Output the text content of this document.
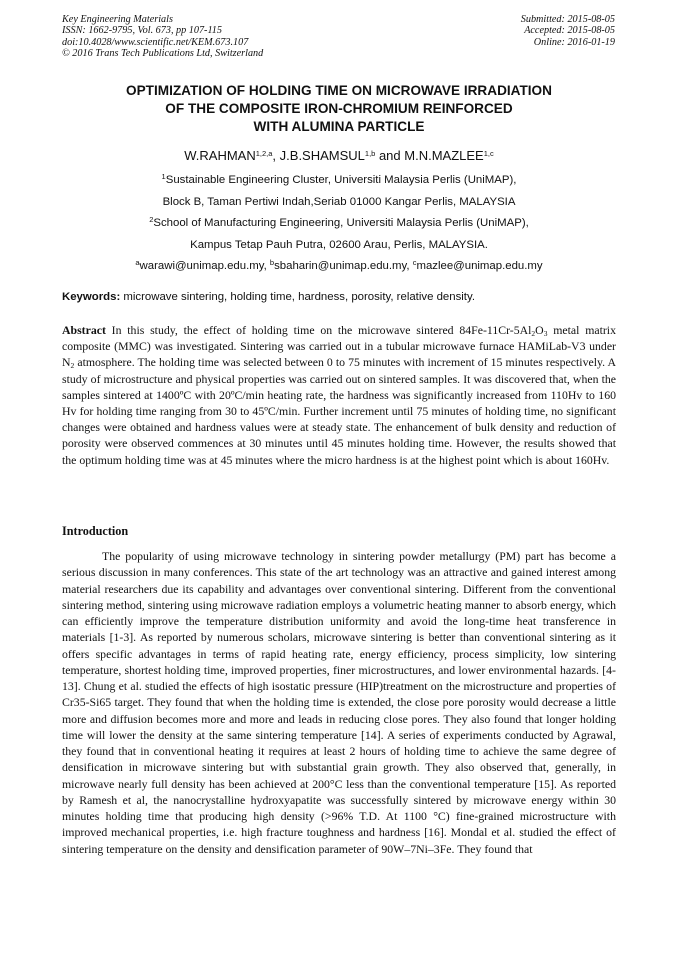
Key Engineering Materials
ISSN: 1662-9795, Vol. 673, pp 107-115
doi:10.4028/www.scientific.net/KEM.673.107
© 2016 Trans Tech Publications Ltd, Switzerland
Submitted: 2015-08-05
Accepted: 2015-08-05
Online: 2016-01-19
OPTIMIZATION OF HOLDING TIME ON MICROWAVE IRRADIATION
OF THE COMPOSITE IRON-CHROMIUM REINFORCED
WITH ALUMINA PARTICLE
W.RAHMAN$^{1,2,a}$, J.B.SHAMSUL$^{1,b}$ and M.N.MAZLEE$^{1,c}$
$^1$Sustainable Engineering Cluster, Universiti Malaysia Perlis (UniMAP),
Block B, Taman Pertiwi Indah,Seriab 01000 Kangar Perlis, MALAYSIA
$^2$School of Manufacturing Engineering, Universiti Malaysia Perlis (UniMAP),
Kampus Tetap Pauh Putra, 02600 Arau, Perlis, MALAYSIA.
$^a$warawi@unimap.edu.my, $^b$sbaharin@unimap.edu.my, $^c$mazlee@unimap.edu.my
Keywords: microwave sintering, holding time, hardness, porosity, relative density.
Abstract In this study, the effect of holding time on the microwave sintered $84Fe-11Cr-5Al_2O_3$ metal matrix composite (MMC) was investigated. Sintering was carried out in a tubular microwave furnace HAMiLab-V3 under $N_2$ atmosphere. The holding time was selected between 0 to 75 minutes with increment of 15 minutes respectively. A study of microstructure and physical properties was carried out on sintered samples. It was discovered that, when the samples sintered at 1400ºC with 20ºC/min heating rate, the hardness was significantly increased from 110Hv to 160 Hv for holding time ranging from 30 to 45ºC/min. Further increment until 75 minutes of holding time, no significant changes were obtained and hardness values were at steady state. The enhancement of bulk density and reduction of porosity were observed commences at 30 minutes until 45 minutes holding time. However, the results showed that the optimum holding time was at 45 minutes where the micro hardness is at the highest point which is about 160Hv.
Introduction
The popularity of using microwave technology in sintering powder metallurgy (PM) part has become a serious discussion in many conferences. This state of the art technology was an attractive and gained interest among material researchers due its capability and advantages over conventional sintering. Different from the conventional sintering method, sintering using microwave radiation employs a volumetric heating manner to absorb energy, which can efficiently improve the temperature distribution uniformity and avoid the long-time heat transference in materials [1-3]. As reported by numerous scholars, microwave sintering is better than conventional sintering as it offers specific advantages in terms of rapid heating rate, energy efficiency, process simplicity, low sintering temperature, shortest holding time, improved properties, finer microstructures, and lower environmental hazards. [4-13]. Chung et al. studied the effects of high isostatic pressure (HIP)treatment on the microstructure and properties of Cr35-Si65 target. They found that when the holding time is extended, the close pore porosity would decrease a little more and diffusion becomes more and more and leads in reducing close pores. They also found that longer holding time will lower the density at the same sintering temperature [14]. A series of experiments conducted by Agrawal, they found that in conventional heating it requires at least 2 hours of holding time to achieve the same degree of densification in microwave sintering but with substantial grain growth. They also observed that, generally, in microwave nearly full density has been achieved at 200°C less than the conventional temperature [15]. As reported by Ramesh et al, the nanocrystalline hydroxyapatite was successfully sintered by microwave energy within 30 minutes holding time that producing high density (>96% T.D. At 1100 °C) fine-grained microstructure with improved mechanical properties, i.e. high fracture toughness and hardness [16]. Mondal et al. studied the effect of sintering temperature on the density and densification parameter of 90W–7Ni–3Fe. They found that
